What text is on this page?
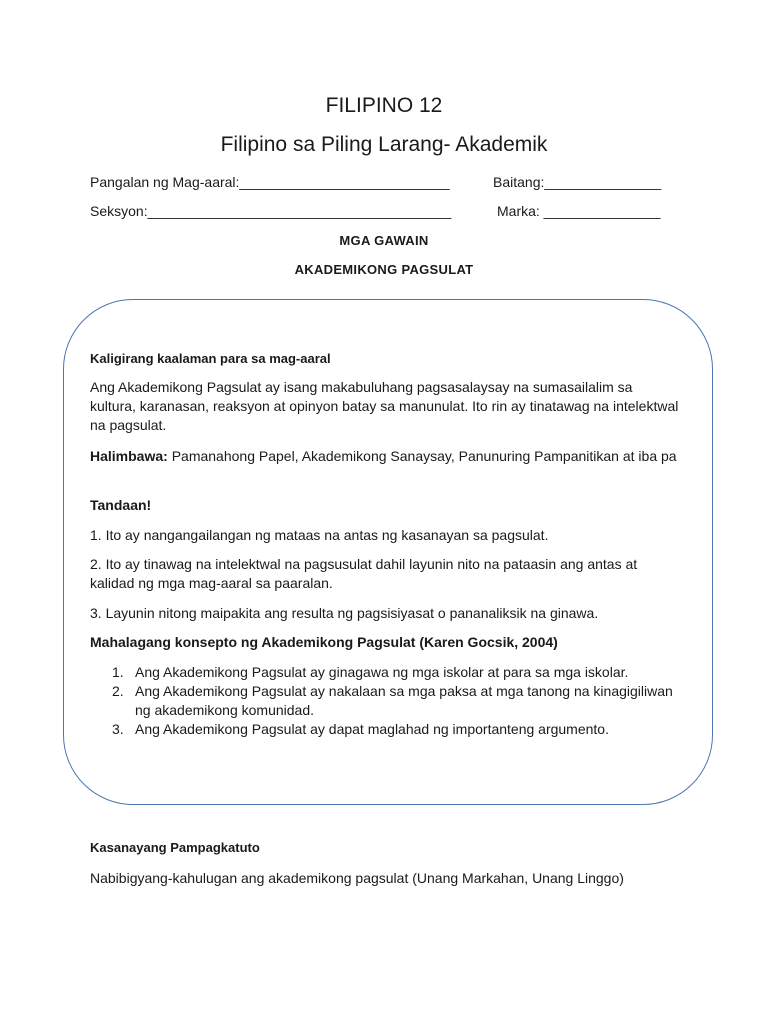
FILIPINO 12
Filipino sa Piling Larang- Akademik
Pangalan ng Mag-aaral:___________________________	Baitang:_______________
Seksyon:_______________________________________	Marka: _______________
MGA GAWAIN
AKADEMIKONG PAGSULAT
Kaligirang kaalaman para sa mag-aaral

Ang Akademikong Pagsulat ay isang makabuluhang pagsasalaysay na sumasailalim sa kultura, karanasan, reaksyon at opinyon batay sa manunulat. Ito rin ay tinatawag na intelektwal na pagsulat.

Halimbawa: Pamanahong Papel, Akademikong Sanaysay, Panunuring Pampanitikan at iba pa

Tandaan!
1. Ito ay nangangailangan ng mataas na antas ng kasanayan sa pagsulat.
2. Ito ay tinawag na intelektwal na pagsusulat dahil layunin nito na pataasin ang antas at kalidad ng mga mag-aaral sa paaralan.
3. Layunin nitong maipakita ang resulta ng pagsisiyasat o pananaliksik na ginawa.
Mahalagang konsepto ng Akademikong Pagsulat (Karen Gocsik, 2004)
1. Ang Akademikong Pagsulat ay ginagawa ng mga iskolar at para sa mga iskolar.
2. Ang Akademikong Pagsulat ay nakalaan sa mga paksa at mga tanong na kinagigiliwan ng akademikong komunidad.
3. Ang Akademikong Pagsulat ay dapat maglahad ng importanteng argumento.
Kasanayang Pampagkatuto
Nabibigyang-kahulugan ang akademikong pagsulat (Unang Markahan, Unang Linggo)
